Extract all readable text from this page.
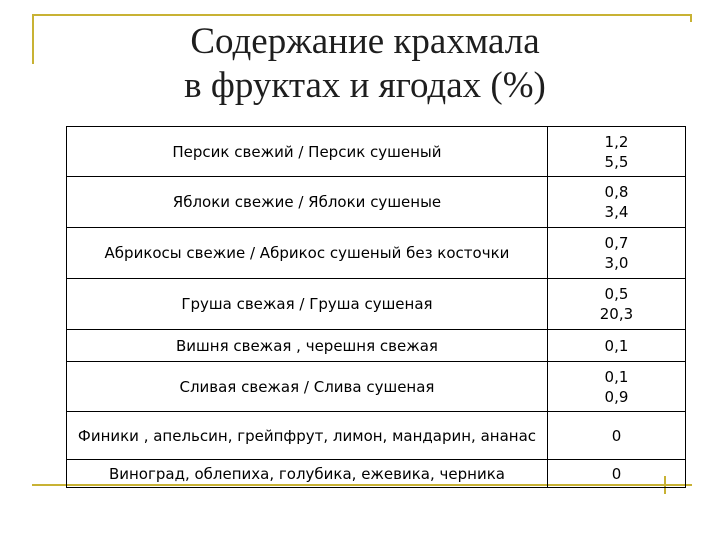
Содержание крахмала
в фруктах и ягодах (%)
Персик свежий / Персик сушеный	1,2
5,5

Яблоки свежие / Яблоки сушеные	0,8
3,4

Абрикосы свежие / Абрикос сушеный без косточки	0,7
3,0

Груша свежая / Груша сушеная	0,5
20,3

Вишня свежая , черешня свежая	0,1

Сливая свежая / Слива сушеная	0,1
0,9

Финики , апельсин, грейпфрут, лимон, мандарин, ананас	0

Виноград, облепиха, голубика, ежевика, черника	0
